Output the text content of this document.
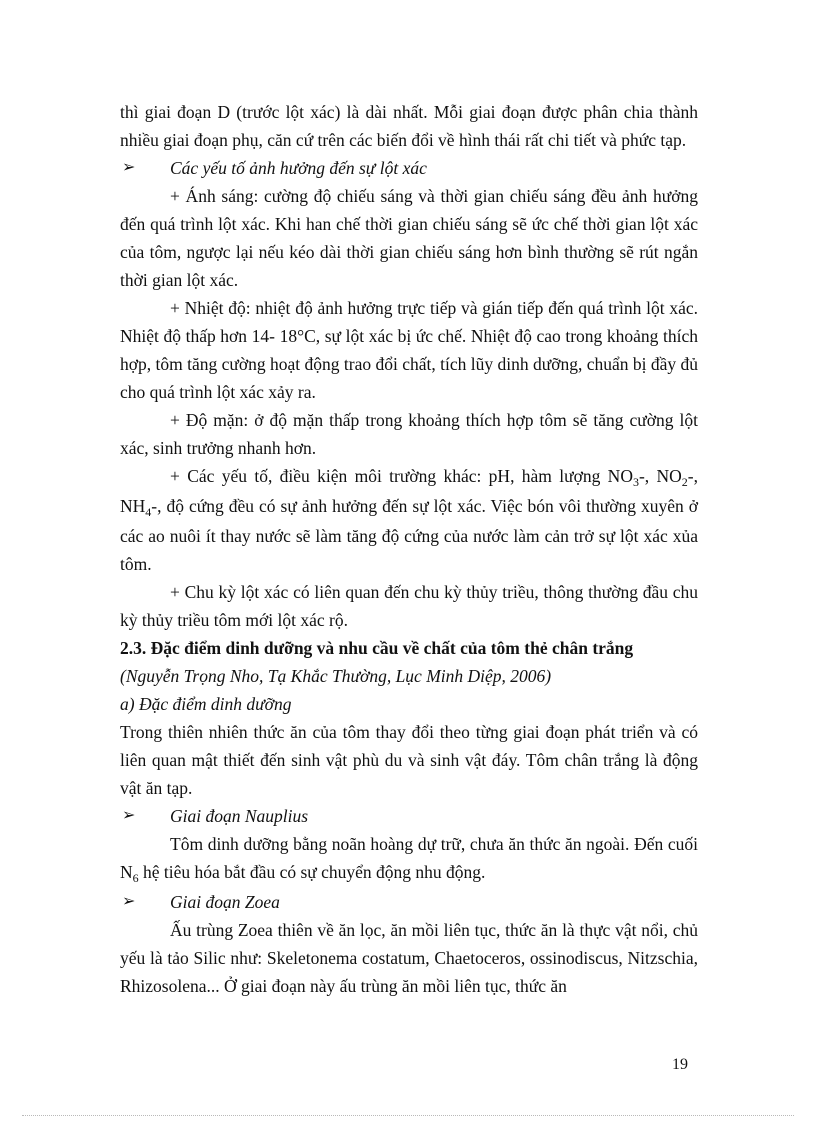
thì giai đoạn D (trước lột xác) là dài nhất. Mỗi giai đoạn được phân chia thành nhiều giai đoạn phụ, căn cứ trên các biến đổi về hình thái rất chi tiết và phức tạp.

➢ Các yếu tố ảnh hưởng đến sự lột xác

+ Ánh sáng: cường độ chiếu sáng và thời gian chiếu sáng đều ảnh hưởng đến quá trình lột xác. Khi han chế thời gian chiếu sáng sẽ ức chế thời gian lột xác của tôm, ngược lại nếu kéo dài thời gian chiếu sáng hơn bình thường sẽ rút ngắn thời gian lột xác.

+ Nhiệt độ: nhiệt độ ảnh hưởng trực tiếp và gián tiếp đến quá trình lột xác. Nhiệt độ thấp hơn 14- 18°C, sự lột xác bị ức chế. Nhiệt độ cao trong khoảng thích hợp, tôm tăng cường hoạt động trao đổi chất, tích lũy dinh dưỡng, chuẩn bị đầy đủ cho quá trình lột xác xảy ra.

+ Độ mặn: ở độ mặn thấp trong khoảng thích hợp tôm sẽ tăng cường lột xác, sinh trưởng nhanh hơn.

+ Các yếu tố, điều kiện môi trường khác: pH, hàm lượng $NO_3-$, $NO_2-$, $NH_4-$, độ cứng đều có sự ảnh hưởng đến sự lột xác. Việc bón vôi thường xuyên ở các ao nuôi ít thay nước sẽ làm tăng độ cứng của nước làm cản trở sự lột xác xủa tôm.

+ Chu kỳ lột xác có liên quan đến chu kỳ thủy triều, thông thường đầu chu kỳ thủy triều tôm mới lột xác rộ.

2.3. Đặc điểm dinh dưỡng và nhu cầu về chất của tôm thẻ chân trắng

(Nguyễn Trọng Nho, Tạ Khắc Thường, Lục Minh Diệp, 2006)

a) Đặc điểm dinh dưỡng

Trong thiên nhiên thức ăn của tôm thay đổi theo từng giai đoạn phát triển và có liên quan mật thiết đến sinh vật phù du và sinh vật đáy. Tôm chân trắng là động vật ăn tạp.

➢ Giai đoạn Nauplius

Tôm dinh dưỡng bằng noãn hoàng dự trữ, chưa ăn thức ăn ngoài. Đến cuối $N_6$ hệ tiêu hóa bắt đầu có sự chuyển động nhu động.

➢ Giai đoạn Zoea

Ấu trùng Zoea thiên về ăn lọc, ăn mồi liên tục, thức ăn là thực vật nổi, chủ yếu là tảo Silic như: Skeletonema costatum, Chaetoceros, ossinodiscus, Nitzschia, Rhizosolena... Ở giai đoạn này ấu trùng ăn mồi liên tục, thức ăn

19
